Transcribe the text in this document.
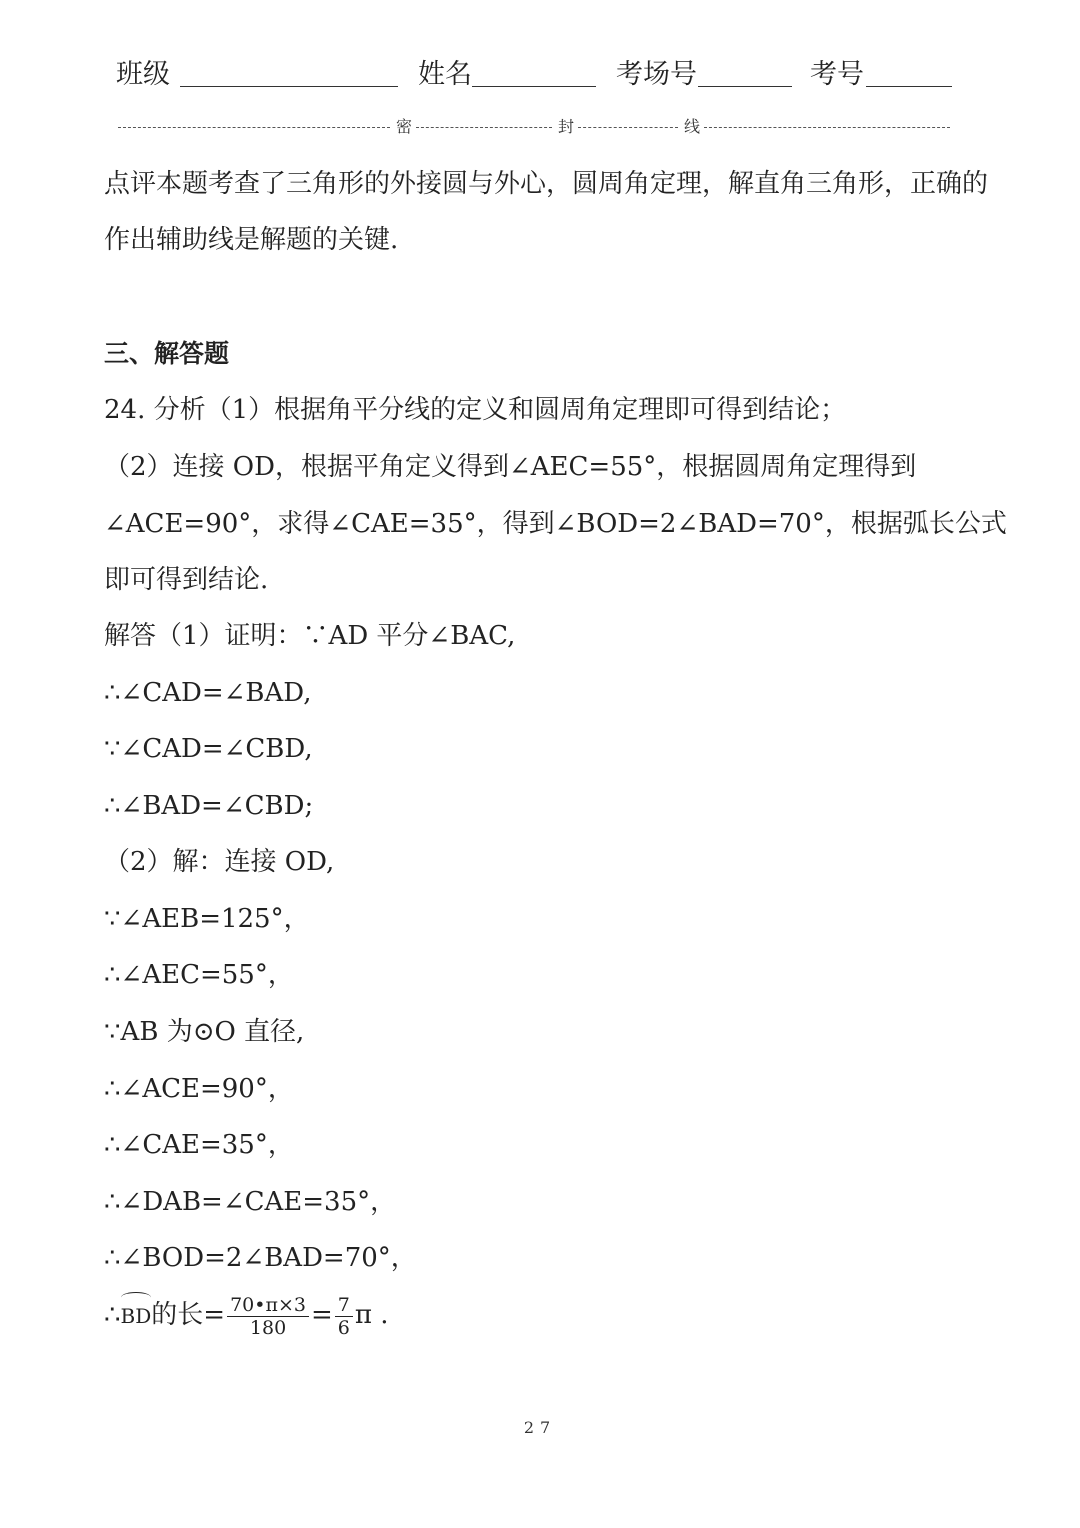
班级	姓名	考场号	考号
密	封	线
点评本题考查了三角形的外接圆与外心，圆周角定理，解直角三角形，正确的
作出辅助线是解题的关键.
三、解答题
24. 分析（1）根据角平分线的定义和圆周角定理即可得到结论；
（2）连接 OD，根据平角定义得到∠AEC=55°，根据圆周角定理得到
∠ACE=90°，求得∠CAE=35°，得到∠BOD=2∠BAD=70°，根据弧长公式
即可得到结论.
解答（1）证明：∵AD 平分∠BAC,
∴∠CAD=∠BAD,
∵∠CAD=∠CBD,
∴∠BAD=∠CBD;
（2）解：连接 OD,
∵∠AEB=125°，
∴∠AEC=55°，
∵AB 为⊙O 直径,
∴∠ACE=90°，
∴∠CAE=35°，
∴∠DAB=∠CAE=35°，
∴∠BOD=2∠BAD=70°，
∴BD的长= $\frac{70•\pi\times 3}{180} = \frac{7}{6}$ π .
27
